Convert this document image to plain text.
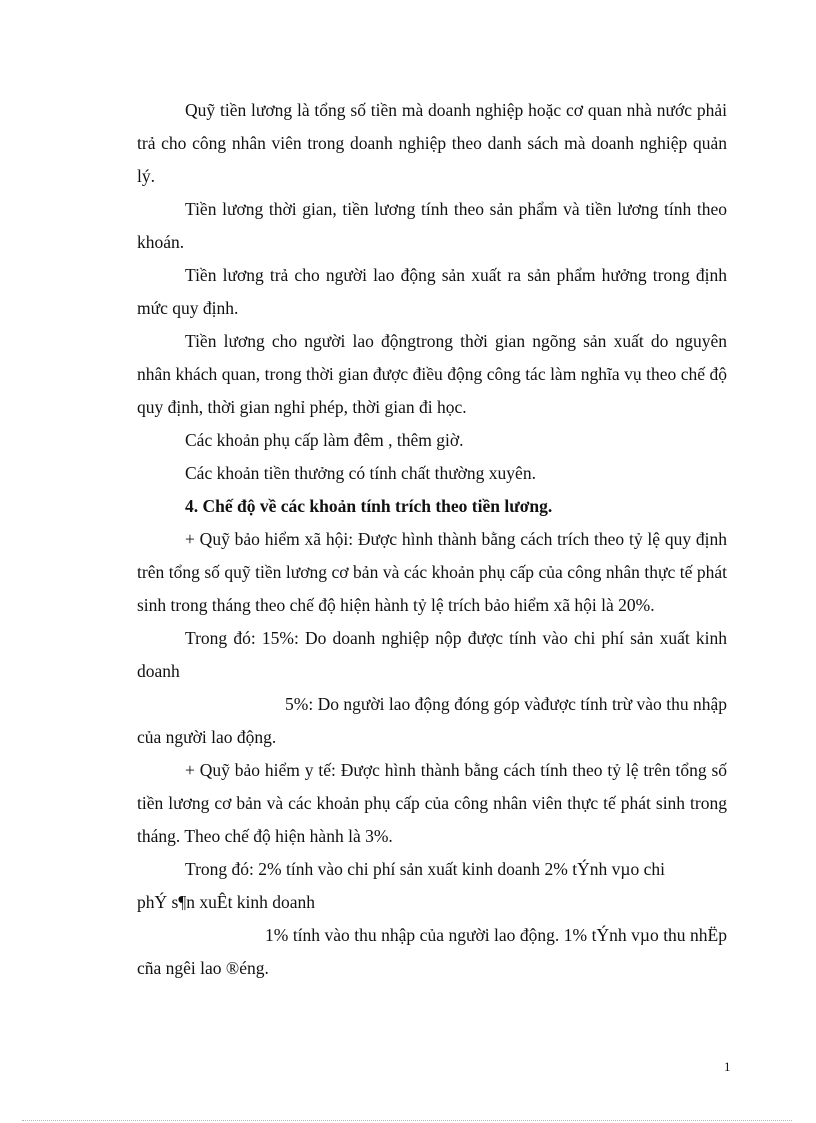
Quỹ tiền lương là tổng số tiền mà doanh nghiệp hoặc cơ quan nhà nước phải trả cho công nhân viên trong doanh nghiệp theo danh sách mà doanh nghiệp quản lý.

Tiền lương thời gian, tiền lương tính theo sản phẩm và tiền lương tính theo khoán.

Tiền lương trả cho người lao động sản xuất ra sản phẩm hưởng trong định mức quy định.

Tiền lương cho người lao độngtrong thời gian ngõng sản xuất do nguyên nhân khách quan, trong thời gian được điều động công tác làm nghĩa vụ theo chế độ quy định, thời gian nghỉ phép, thời gian đi học.

Các khoản phụ cấp làm đêm , thêm giờ.

Các khoản tiền thưởng có tính chất thường xuyên.

4. Chế độ về các khoản tính trích theo tiền lương.

+ Quỹ bảo hiểm xã hội: Được hình thành bằng cách trích theo tỷ lệ quy định trên tổng số quỹ tiền lương cơ bản và các khoản phụ cấp của công nhân thực tế phát sinh trong tháng theo chế độ hiện hành tỷ lệ trích bảo hiểm xã hội là 20%.

Trong đó: 15%: Do doanh nghiệp nộp được tính vào chi phí sản xuất kinh doanh

5%: Do người lao động đóng góp vàđược tính trừ vào thu nhập của người lao động.

+ Quỹ bảo hiểm y tế: Được hình thành bằng cách tính theo tỷ lệ trên tổng số tiền lương cơ bản và các khoản phụ cấp của công nhân viên thực tế phát sinh trong tháng. Theo chế độ hiện hành là 3%.

Trong đó: 2% tính vào chi phí sản xuất kinh doanh 2% tÝnh vµo chi

phÝ s¶n xuÊt kinh doanh

1% tính vào thu nhập của người lao động. 1% tÝnh vµo thu nhËp cña ngêi lao ®éng.

1
